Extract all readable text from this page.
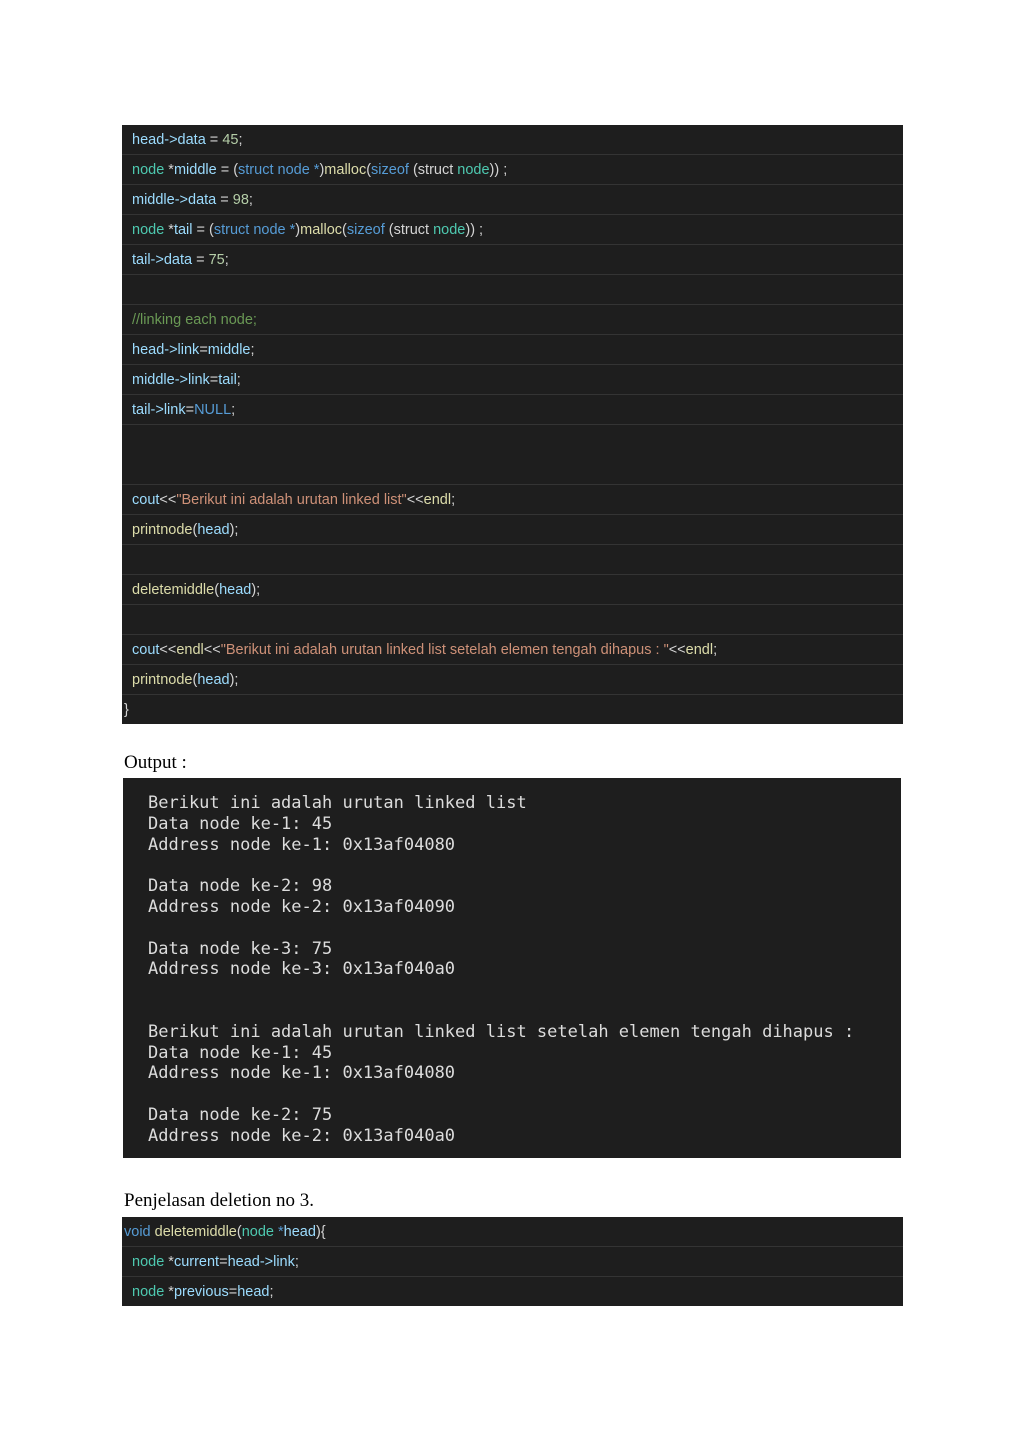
head->data = 45;
node *middle = (struct node *)malloc(sizeof (struct node)) ;
middle->data = 98;
node *tail = (struct node *)malloc(sizeof (struct node)) ;
tail->data = 75;
//linking each node;
head->link=middle;
middle->link=tail;
tail->link=NULL;
cout<<"Berikut ini adalah urutan linked list"<<endl;
printnode(head);
deletemiddle(head);
cout<<endl<<"Berikut ini adalah urutan linked list setelah elemen tengah dihapus : "<<endl;
printnode(head);
}
Output :
Berikut ini adalah urutan linked list
Data node ke-1: 45
Address node ke-1: 0x13af04080
Data node ke-2: 98
Address node ke-2: 0x13af04090
Data node ke-3: 75
Address node ke-3: 0x13af040a0
Berikut ini adalah urutan linked list setelah elemen tengah dihapus :
Data node ke-1: 45
Address node ke-1: 0x13af04080
Data node ke-2: 75
Address node ke-2: 0x13af040a0
Penjelasan deletion no 3.
void deletemiddle(node *head){
node *current=head->link;
node *previous=head;
